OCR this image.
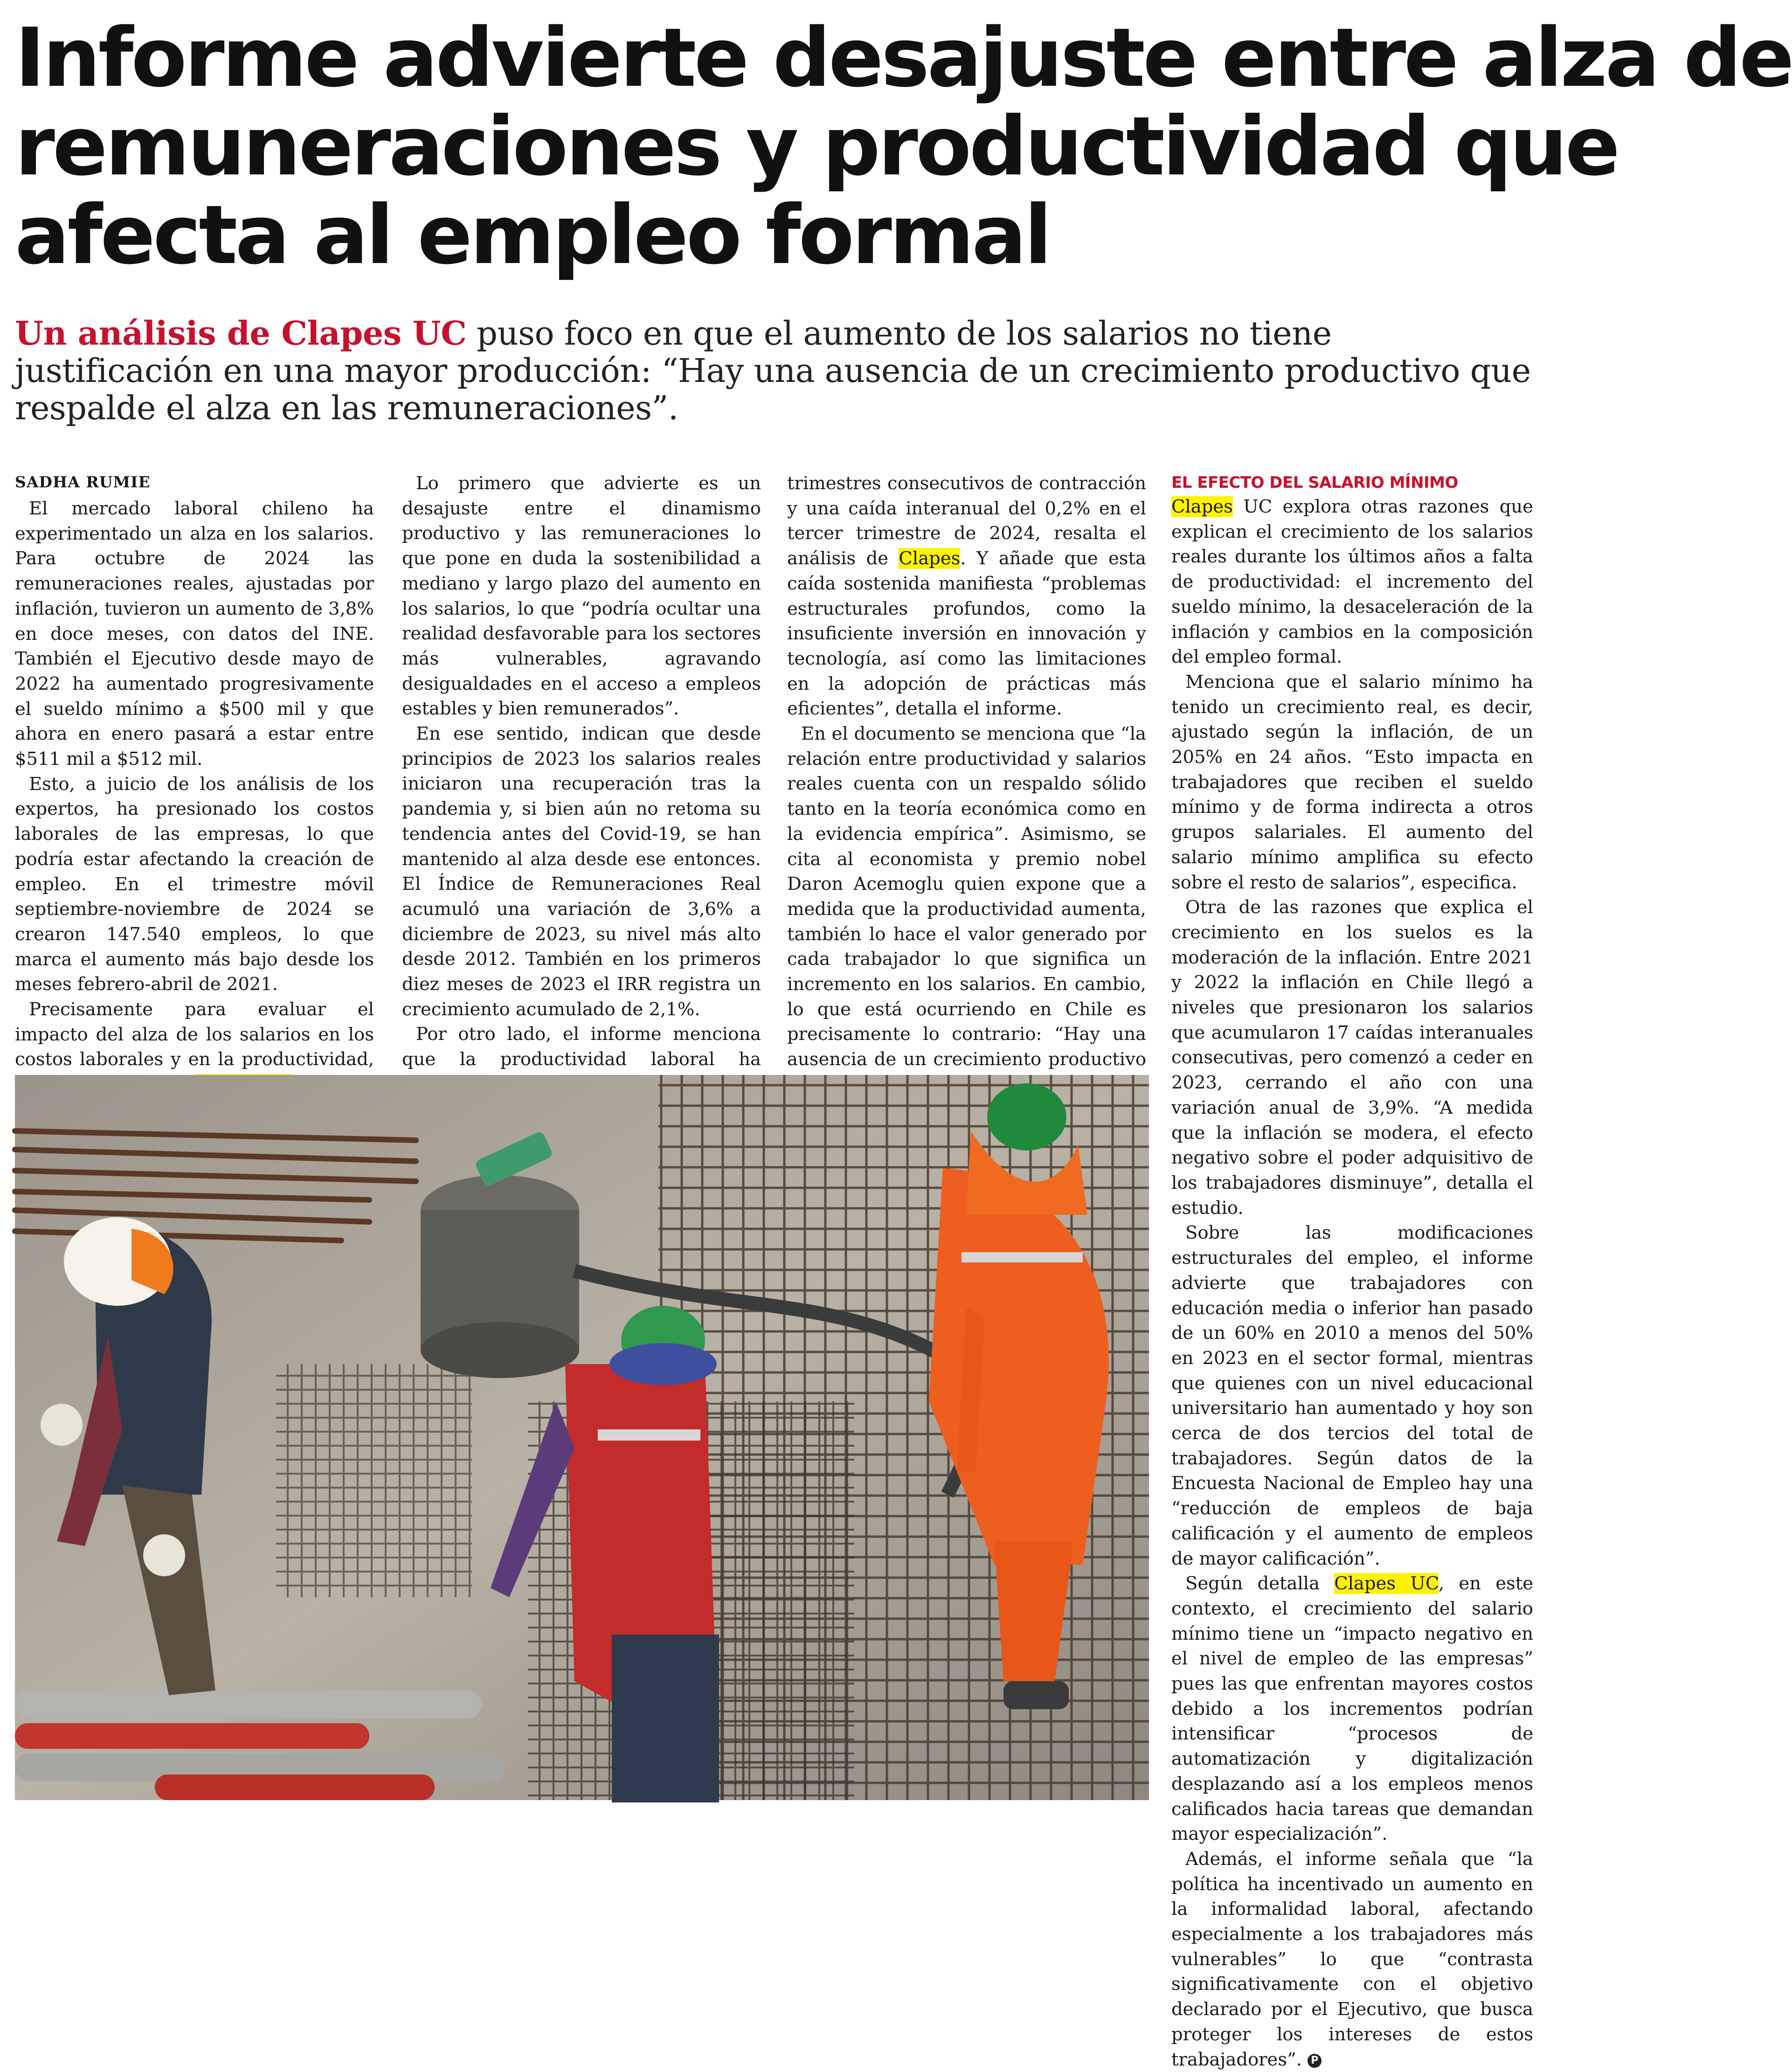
Informe advierte desajuste entre alza de
remuneraciones y productividad que
afecta al empleo formal
Un análisis de Clapes UC puso foco en que el aumento de los salarios no tiene justificación en una mayor producción: “Hay una ausencia de un crecimiento productivo que respalde el alza en las remuneraciones”.
SADHA RUMIE

El mercado laboral chileno ha experimentado un alza en los salarios. Para octubre de 2024 las remuneraciones reales, ajustadas por inflación, tuvieron un aumento de 3,8% en doce meses, con datos del INE. También el Ejecutivo desde mayo de 2022 ha aumentado progresivamente el sueldo mínimo a $500 mil y que ahora en enero pasará a estar entre $511 mil a $512 mil.

Esto, a juicio de los análisis de los expertos, ha presionado los costos laborales de las empresas, lo que podría estar afectando la creación de empleo. En el trimestre móvil septiembre-noviembre de 2024 se crearon 147.540 empleos, lo que marca el aumento más bajo desde los meses febrero-abril de 2021.

Precisamente para evaluar el impacto del alza de los salarios en los costos laborales y en la productividad,

Lo primero que advierte es un desajuste entre el dinamismo productivo y las remuneraciones lo que pone en duda la sostenibilidad a mediano y largo plazo del aumento en los salarios, lo que “podría ocultar una realidad desfavorable para los sectores más vulnerables, agravando desigualdades en el acceso a empleos estables y bien remunerados”.

En ese sentido, indican que desde principios de 2023 los salarios reales iniciaron una recuperación tras la pandemia y, si bien aún no retoma su tendencia antes del Covid-19, se han mantenido al alza desde ese entonces. El Índice de Remuneraciones Real acumuló una variación de 3,6% a diciembre de 2023, su nivel más alto desde 2012. También en los primeros diez meses de 2023 el IRR registra un crecimiento acumulado de 2,1%.

Por otro lado, el informe menciona que la productividad laboral ha

trimestres consecutivos de contracción y una caída interanual del 0,2% en el tercer trimestre de 2024, resalta el análisis de Clapes. Y añade que esta caída sostenida manifiesta “problemas estructurales profundos, como la insuficiente inversión en innovación y tecnología, así como las limitaciones en la adopción de prácticas más eficientes”, detalla el informe.

En el documento se menciona que “la relación entre productividad y salarios reales cuenta con un respaldo sólido tanto en la teoría económica como en la evidencia empírica”. Asimismo, se cita al economista y premio nobel Daron Acemoglu quien expone que a medida que la productividad aumenta, también lo hace el valor generado por cada trabajador lo que significa un incremento en los salarios. En cambio, lo que está ocurriendo en Chile es precisamente lo contrario: “Hay una ausencia de un crecimiento productivo

EL EFECTO DEL SALARIO MÍNIMO

Clapes UC explora otras razones que explican el crecimiento de los salarios reales durante los últimos años a falta de productividad: el incremento del sueldo mínimo, la desaceleración de la inflación y cambios en la composición del empleo formal.

Menciona que el salario mínimo ha tenido un crecimiento real, es decir, ajustado según la inflación, de un 205% en 24 años. “Esto impacta en trabajadores que reciben el sueldo mínimo y de forma indirecta a otros grupos salariales. El aumento del salario mínimo amplifica su efecto sobre el resto de salarios”, especifica.

Otra de las razones que explica el crecimiento en los suelos es la moderación de la inflación. Entre 2021 y 2022 la inflación en Chile llegó a niveles que presionaron los salarios que acumularon 17 caídas interanuales consecutivas, pero comenzó a ceder en 2023, cerrando el año con una variación anual de 3,9%. “A medida que la inflación se modera, el efecto negativo sobre el poder adquisitivo de los trabajadores disminuye”, detalla el estudio.

Sobre las modificaciones estructurales del empleo, el informe advierte que trabajadores con educación media o inferior han pasado de un 60% en 2010 a menos del 50% en 2023 en el sector formal, mientras que quienes con un nivel educacional universitario han aumentado y hoy son cerca de dos tercios del total de trabajadores. Según datos de la Encuesta Nacional de Empleo hay una “reducción de empleos de baja calificación y el aumento de empleos de mayor calificación”.

Según detalla Clapes UC, en este contexto, el crecimiento del salario mínimo tiene un “impacto negativo en el nivel de empleo de las empresas” pues las que enfrentan mayores costos debido a los incrementos podrían intensificar “procesos de automatización y digitalización desplazando así a los empleos menos calificados hacia tareas que demandan mayor especialización”.

Además, el informe señala que “la política ha incentivado un aumento en la informalidad laboral, afectando especialmente a los trabajadores más vulnerables” lo que “contrasta significativamente con el objetivo declarado por el Ejecutivo, que busca proteger los intereses de estos trabajadores”. P
